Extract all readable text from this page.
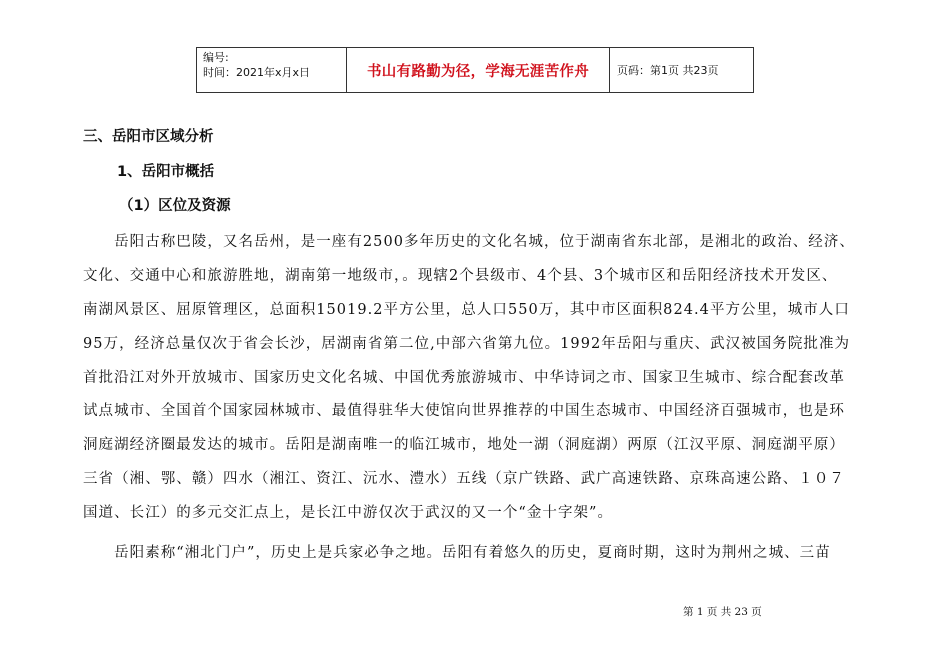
编号:
时间：2021年x月x日	书山有路勤为径，学海无涯苦作舟	页码：第1页 共23页
三、岳阳市区域分析
1、岳阳市概括
（1）区位及资源
　　岳阳古称巴陵，又名岳州，是一座有2500多年历史的文化名城，位于湖南省东北部，是湘北的政治、经济、
文化、交通中心和旅游胜地，湖南第一地级市，。现辖2个县级市、4个县、3个城市区和岳阳经济技术开发区、
南湖风景区、屈原管理区，总面积15019.2平方公里，总人口550万，其中市区面积824.4平方公里，城市人口
95万，经济总量仅次于省会长沙，居湖南省第二位,中部六省第九位。1992年岳阳与重庆、武汉被国务院批准为
首批沿江对外开放城市、国家历史文化名城、中国优秀旅游城市、中华诗词之市、国家卫生城市、综合配套改革
试点城市、全国首个国家园林城市、最值得驻华大使馆向世界推荐的中国生态城市、中国经济百强城市，也是环
洞庭湖经济圈最发达的城市。岳阳是湖南唯一的临江城市，地处一湖（洞庭湖）两原（江汉平原、洞庭湖平原）
三省（湘、鄂、赣）四水（湘江、资江、沅水、澧水）五线（京广铁路、武广高速铁路、京珠高速公路、１０７
国道、长江）的多元交汇点上，是长江中游仅次于武汉的又一个“金十字架”。
　　岳阳素称“湘北门户”，历史上是兵家必争之地。岳阳有着悠久的历史，夏商时期，这时为荆州之城、三苗
第 1 页 共 23 页
